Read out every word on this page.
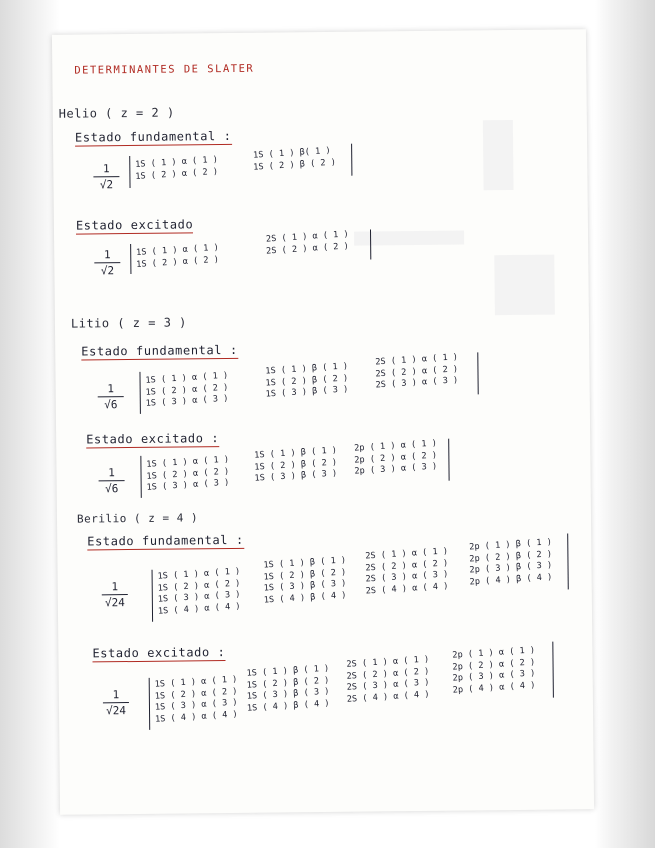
DETERMINANTES DE SLATER
Helio ( z = 2 )
Estado fundamental :
$\frac{1}{√2} 1S$ ( 1 ) α ( 1 )
1S ( 2 ) α ( 2 )
1S ( 1 ) β( 1 )
1S ( 2 ) β ( 2 )
Estado excitado
$\frac{1}{√2} 1S$ ( 1 ) α ( 1 )
1S ( 2 ) α ( 2 )
2S ( 1 ) α ( 1 )
2S ( 2 ) α ( 2 )
Litio ( z = 3 )
Estado fundamental :
$\frac{1}{√6}$
1S ( 1 ) α ( 1 )
1S ( 2 ) α ( 2 )
1S ( 3 ) α ( 3 )
1S ( 1 ) β ( 1 )
1S ( 2 ) β ( 2 )
1S ( 3 ) β ( 3 )
2S ( 1 ) α ( 1 )
2S ( 2 ) α ( 2 )
2S ( 3 ) α ( 3 )
Estado excitado :
$\frac{1}{√6}$
1S ( 1 ) α ( 1 )
1S ( 2 ) α ( 2 )
1S ( 3 ) α ( 3 )
1S ( 1 ) β ( 1 )
1S ( 2 ) β ( 2 )
1S ( 3 ) β ( 3 )
2p ( 1 ) α ( 1 )
2p ( 2 ) α ( 2 )
2p ( 3 ) α ( 3 )
Berilio ( z = 4 )
Estado fundamental :
$\frac{1}{√24}$
1S ( 1 ) α ( 1 )
1S ( 2 ) α ( 2 )
1S ( 3 ) α ( 3 )
1S ( 4 ) α ( 4 )
1S ( 1 ) β ( 1 )
1S ( 2 ) β ( 2 )
1S ( 3 ) β ( 3 )
1S ( 4 ) β ( 4 )
2S ( 1 ) α ( 1 )
2S ( 2 ) α ( 2 )
2S ( 3 ) α ( 3 )
2S ( 4 ) α ( 4 )
2p ( 1 ) β ( 1 )
2p ( 2 ) β ( 2 )
2p ( 3 ) β ( 3 )
2p ( 4 ) β ( 4 )
Estado excitado :
$\frac{1}{√24}$
1S ( 1 ) α ( 1 )
1S ( 2 ) α ( 2 )
1S ( 3 ) α ( 3 )
1S ( 4 ) α ( 4 )
1S ( 1 ) β ( 1 )
1S ( 2 ) β ( 2 )
1S ( 3 ) β ( 3 )
1S ( 4 ) β ( 4 )
2S ( 1 ) α ( 1 )
2S ( 2 ) α ( 2 )
2S ( 3 ) α ( 3 )
2S ( 4 ) α ( 4 )
2p ( 1 ) α ( 1 )
2p ( 2 ) α ( 2 )
2p ( 3 ) α ( 3 )
2p ( 4 ) α ( 4 )
